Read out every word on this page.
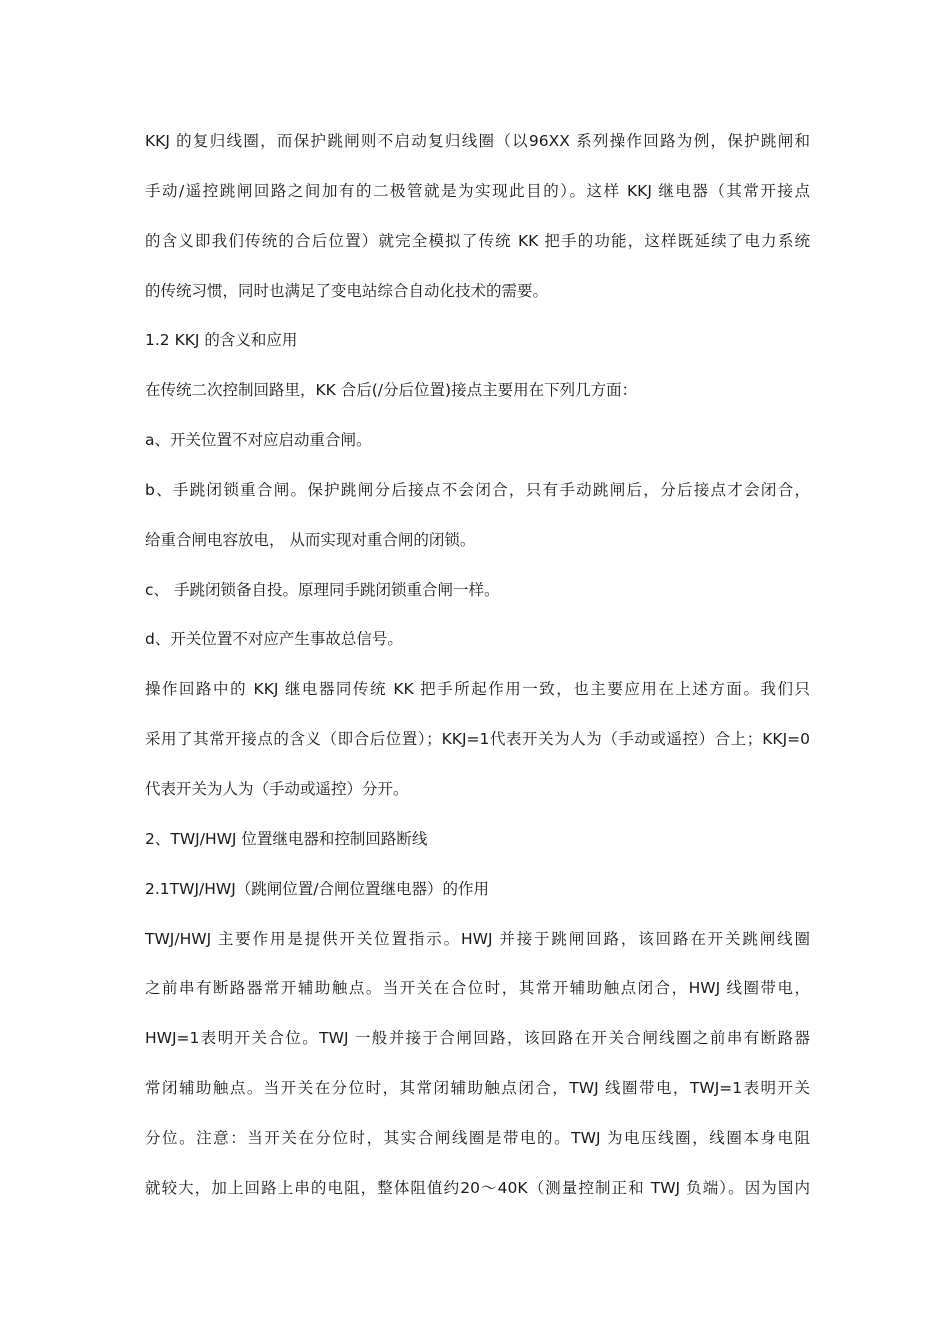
KKJ 的复归线圈，而保护跳闸则不启动复归线圈（以96XX 系列操作回路为例，保护跳闸和
手动/遥控跳闸回路之间加有的二极管就是为实现此目的）。这样 KKJ 继电器（其常开接点
的含义即我们传统的合后位置）就完全模拟了传统 KK 把手的功能，这样既延续了电力系统
的传统习惯，同时也满足了变电站综合自动化技术的需要。
1.2 KKJ 的含义和应用
在传统二次控制回路里，KK 合后(/分后位置)接点主要用在下列几方面：
a、开关位置不对应启动重合闸。
b、手跳闭锁重合闸。保护跳闸分后接点不会闭合，只有手动跳闸后，分后接点才会闭合，
给重合闸电容放电， 从而实现对重合闸的闭锁。
c、 手跳闭锁备自投。原理同手跳闭锁重合闸一样。
d、开关位置不对应产生事故总信号。
操作回路中的 KKJ 继电器同传统 KK 把手所起作用一致，也主要应用在上述方面。我们只
采用了其常开接点的含义（即合后位置）；KKJ=1代表开关为人为（手动或遥控）合上；KKJ=0
代表开关为人为（手动或遥控）分开。
2、TWJ/HWJ 位置继电器和控制回路断线
2.1TWJ/HWJ（跳闸位置/合闸位置继电器）的作用
TWJ/HWJ 主要作用是提供开关位置指示。HWJ 并接于跳闸回路，该回路在开关跳闸线圈
之前串有断路器常开辅助触点。当开关在合位时，其常开辅助触点闭合，HWJ 线圈带电，
HWJ=1表明开关合位。TWJ 一般并接于合闸回路，该回路在开关合闸线圈之前串有断路器
常闭辅助触点。当开关在分位时，其常闭辅助触点闭合，TWJ 线圈带电，TWJ=1表明开关
分位。注意：当开关在分位时，其实合闸线圈是带电的。TWJ 为电压线圈，线圈本身电阻
就较大，加上回路上串的电阻，整体阻值约20～40K（测量控制正和 TWJ 负端）。因为国内
